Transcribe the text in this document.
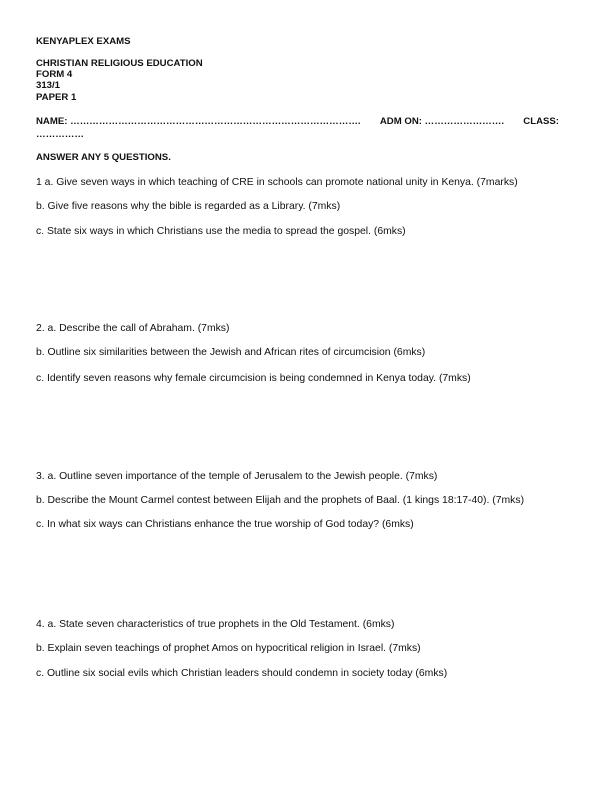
KENYAPLEX EXAMS
CHRISTIAN RELIGIOUS EDUCATION
FORM 4
313/1
PAPER 1
NAME: ………………………………………………………………………………. ADM ON: ……………………. CLASS:
……………
ANSWER ANY 5 QUESTIONS.
1 a. Give seven ways in which teaching of CRE in schools can promote national unity in Kenya. (7marks)
b. Give five reasons why the bible is regarded as a Library. (7mks)
c. State six ways in which Christians use the media to spread the gospel. (6mks)
2. a. Describe the call of Abraham. (7mks)
b. Outline six similarities between the Jewish and African rites of circumcision (6mks)
c. Identify seven reasons why female circumcision is being condemned in Kenya today. (7mks)
3. a. Outline seven importance of the temple of Jerusalem to the Jewish people. (7mks)
b. Describe the Mount Carmel contest between Elijah and the prophets of Baal. (1 kings 18:17-40). (7mks)
c. In what six ways can Christians enhance the true worship of God today? (6mks)
4. a. State seven characteristics of true prophets in the Old Testament. (6mks)
b. Explain seven teachings of prophet Amos on hypocritical religion in Israel. (7mks)
c. Outline six social evils which Christian leaders should condemn in society today (6mks)
